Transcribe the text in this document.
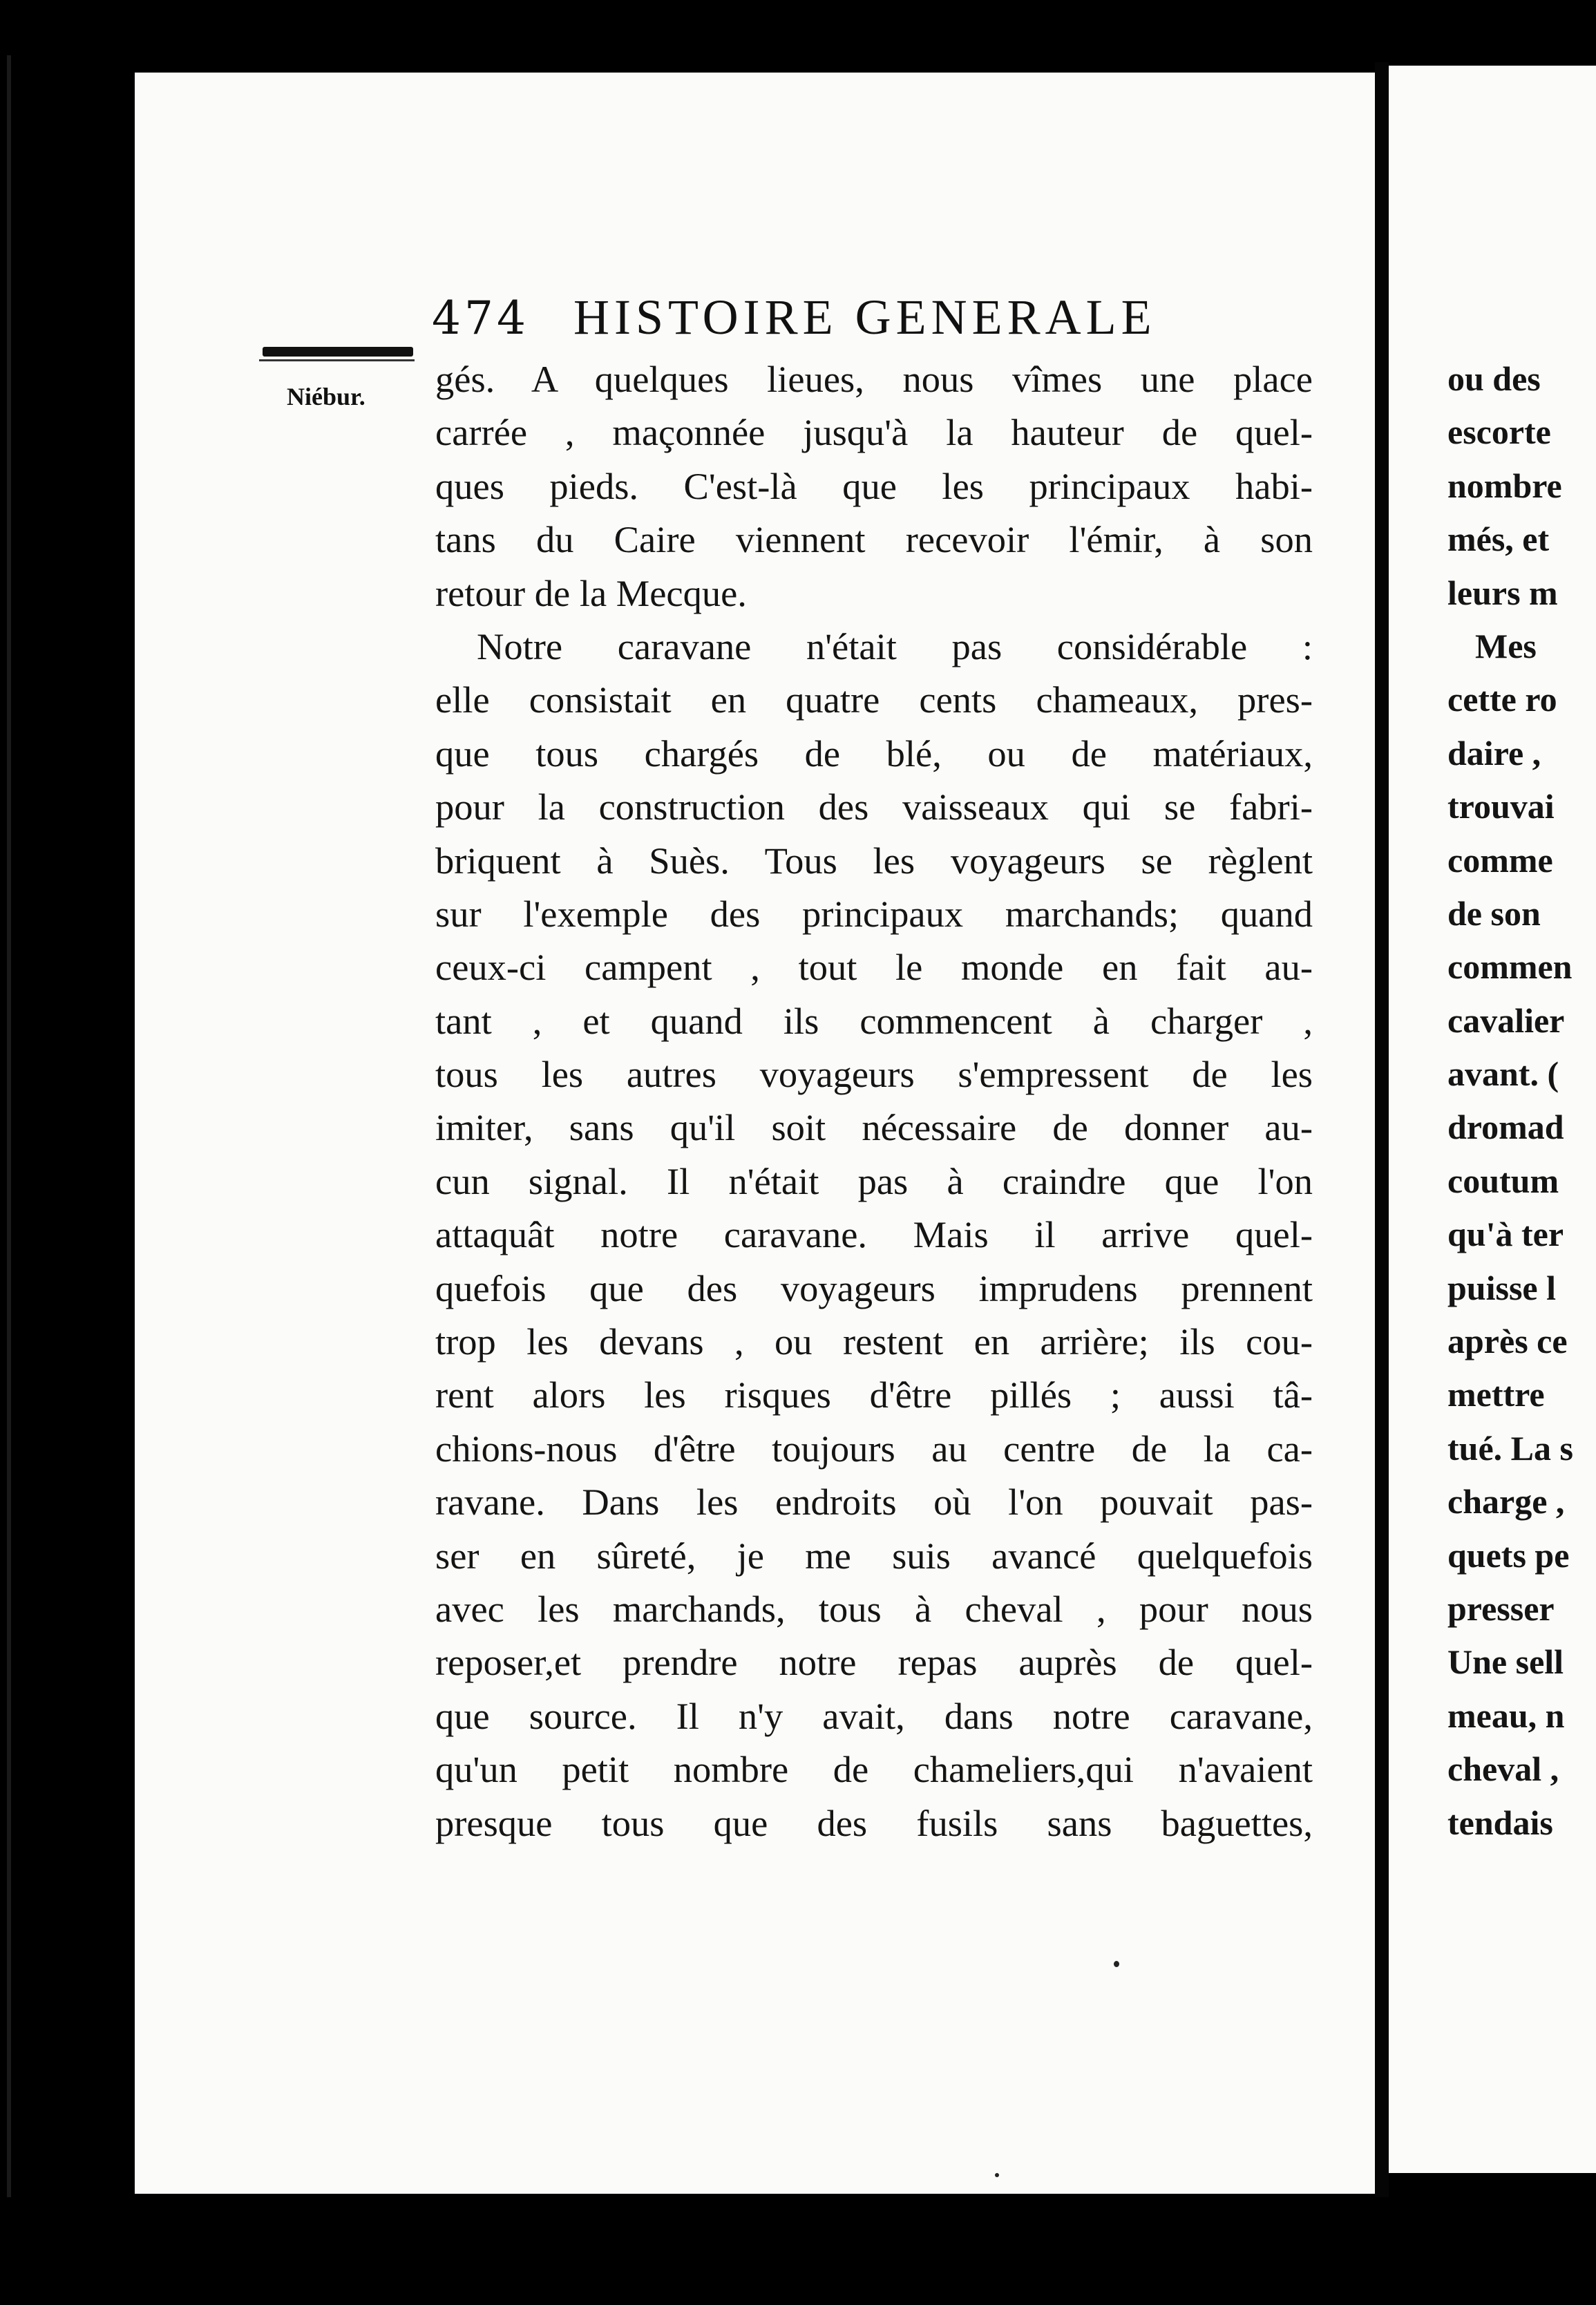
474 HISTOIRE GENERALE
Niébur. gés. A quelques lieues, nous vîmes une place
carrée , maçonnée jusqu'à la hauteur de quel-
ques pieds. C'est-là que les principaux habi-
tans du Caire viennent recevoir l'émir, à son
retour de la Mecque.
Notre caravane n'était pas considérable :
elle consistait en quatre cents chameaux, pres-
que tous chargés de blé, ou de matériaux,
pour la construction des vaisseaux qui se fabri-
briquent à Suès. Tous les voyageurs se règlent
sur l'exemple des principaux marchands; quand
ceux-ci campent , tout le monde en fait au-
tant , et quand ils commencent à charger ,
tous les autres voyageurs s'empressent de les
imiter, sans qu'il soit nécessaire de donner au-
cun signal. Il n'était pas à craindre que l'on
attaquât notre caravane. Mais il arrive quel-
quefois que des voyageurs imprudens prennent
trop les devans , ou restent en arrière; ils cou-
rent alors les risques d'être pillés ; aussi tâ-
chions-nous d'être toujours au centre de la ca-
ravane. Dans les endroits où l'on pouvait pas-
ser en sûreté, je me suis avancé quelquefois
avec les marchands, tous à cheval , pour nous
reposer,et prendre notre repas auprès de quel-
que source. Il n'y avait, dans notre caravane,
qu'un petit nombre de chameliers,qui n'avaient
presque tous que des fusils sans baguettes,
ou des
escorte
nombre
més, et
leurs m
Mes
cette ro
daire ,
trouvai
comme
de son
commen
cavalier
avant. (
dromad
coutum
qu'à ter
puisse l
après ce
mettre
tué. La s
charge ,
quets pe
presser
Une sell
meau, n
cheval ,
tendais
